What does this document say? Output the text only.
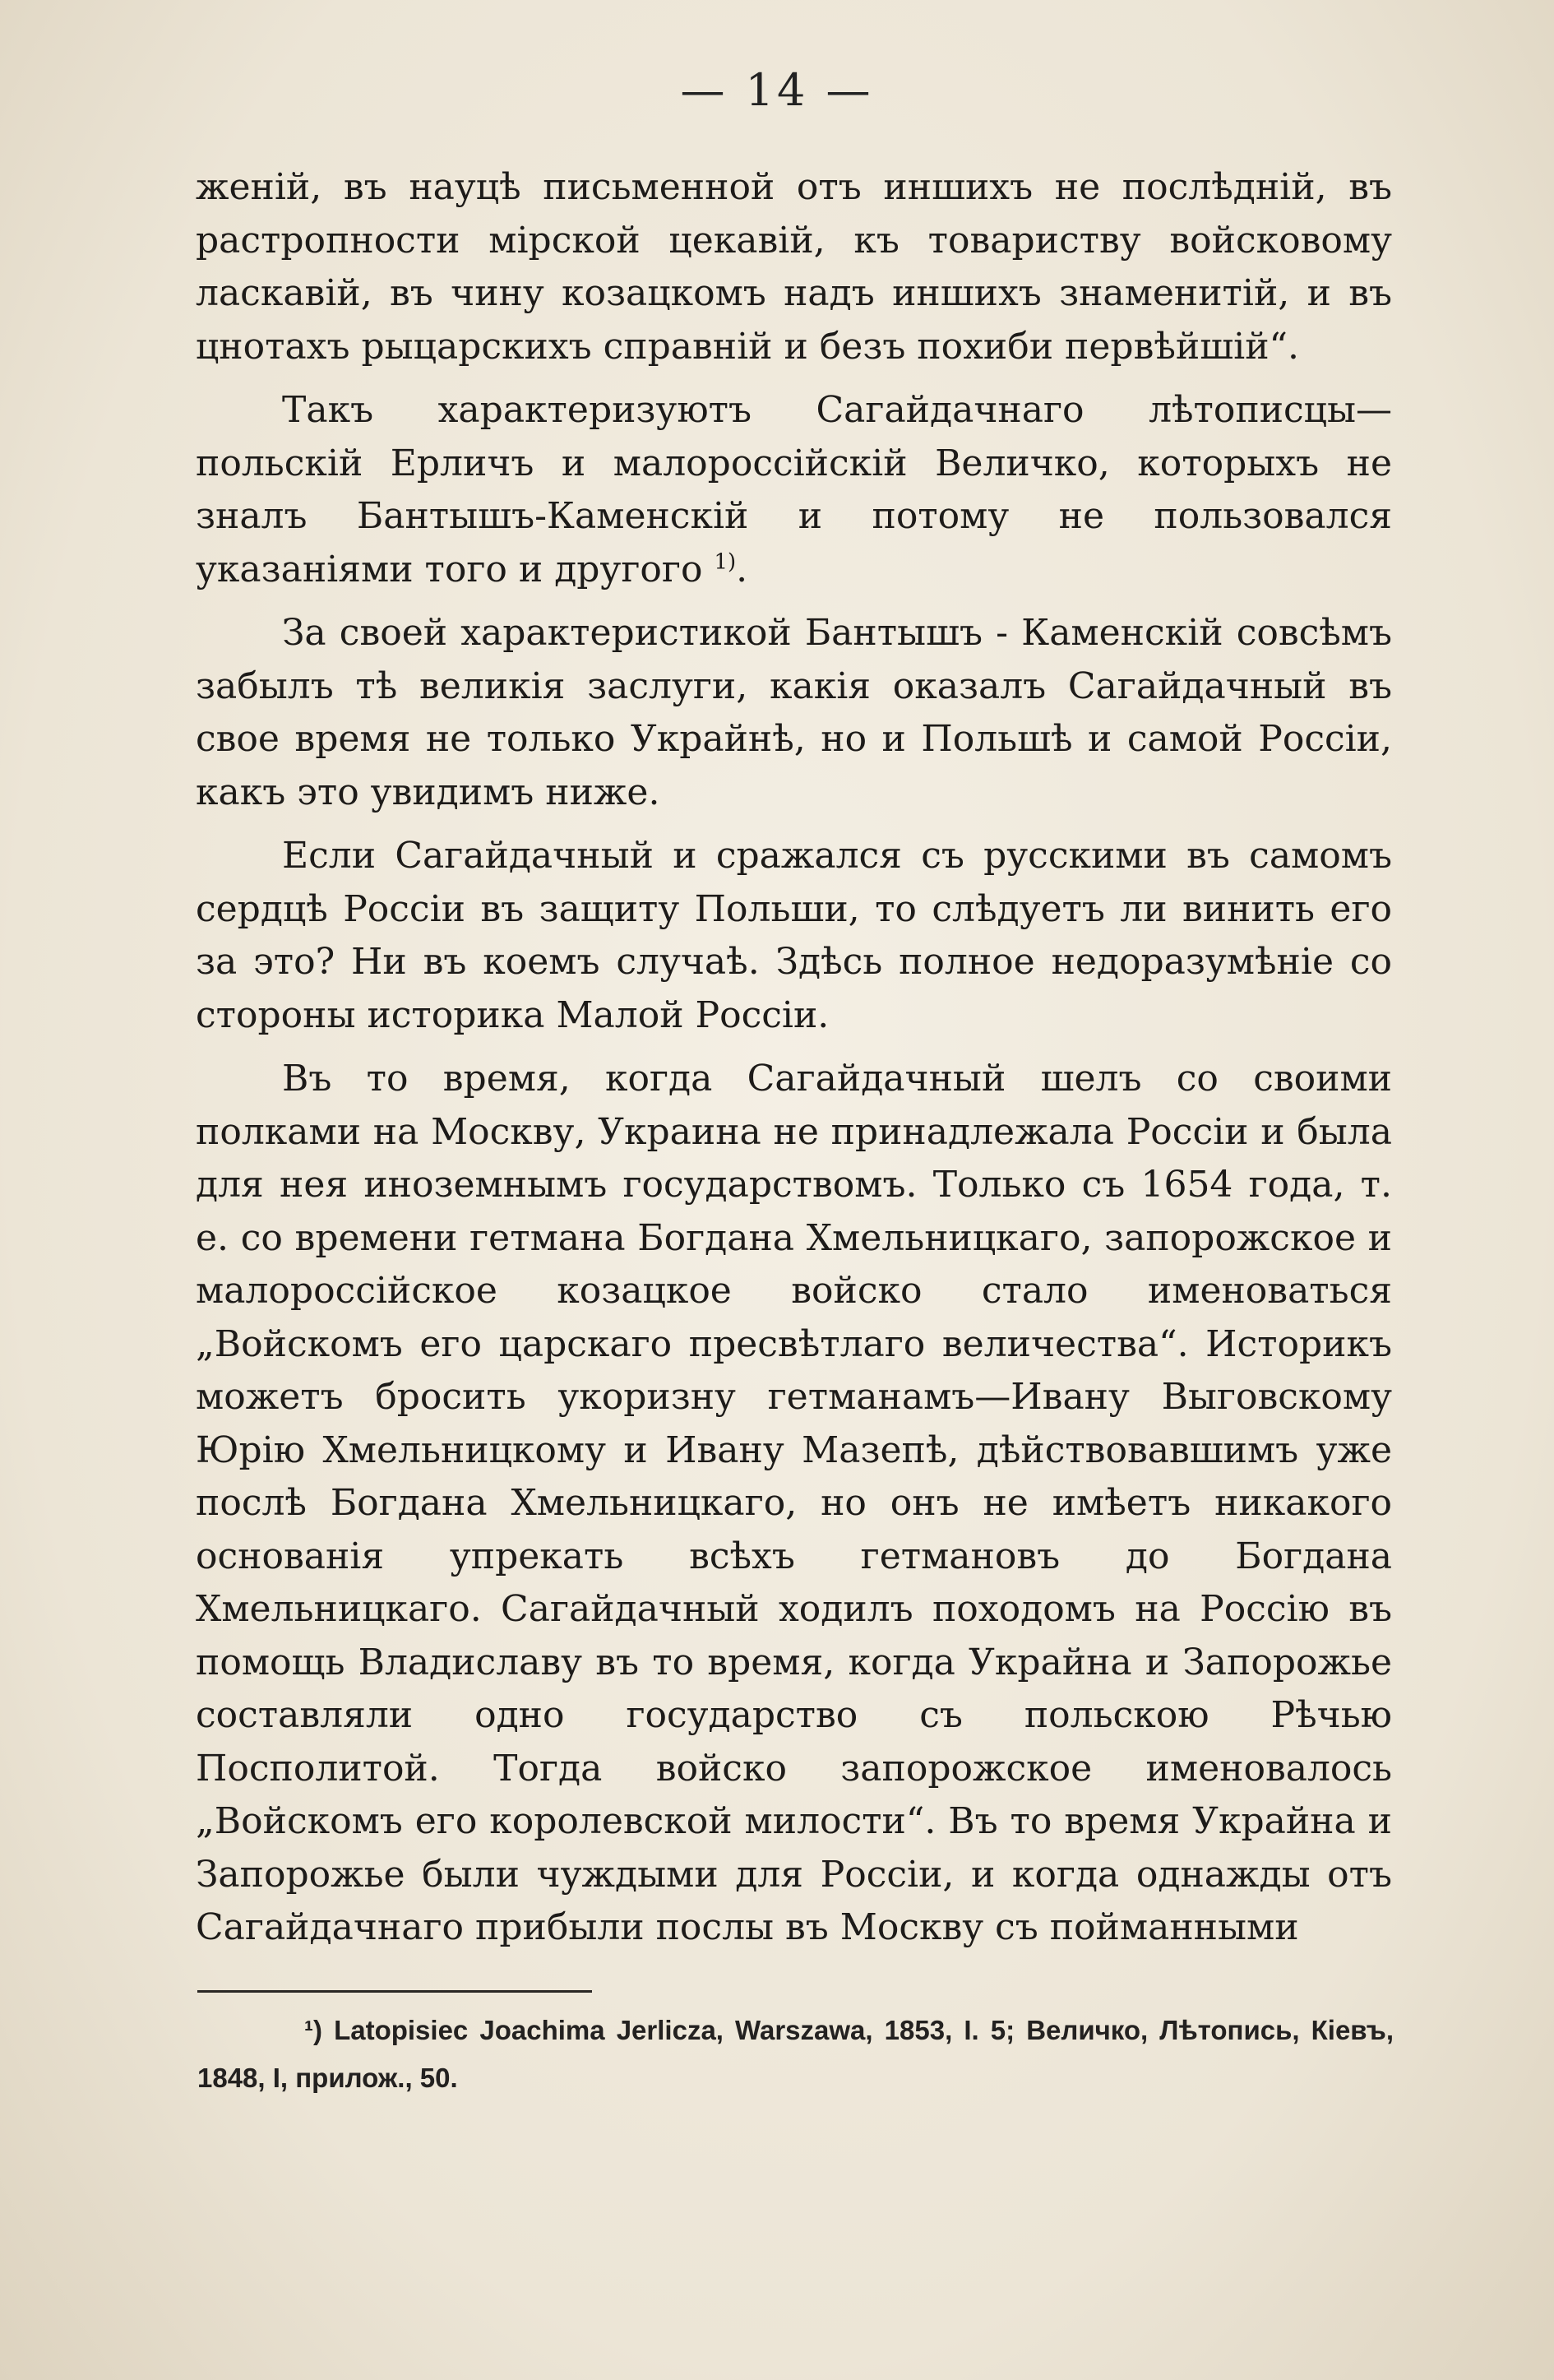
— 14 —

женій, въ науцѣ письменной отъ иншихъ не послѣдній, въ растропности мірской цекавій, къ товариству войсковому ласкавій, въ чину козацкомъ надъ иншихъ знаменитій, и въ цнотахъ рыцарскихъ справній и безъ похиби первѣйшій“.

Такъ характеризуютъ Сагайдачнаго лѣтописцы—польскій Ерличъ и малороссійскій Величко, которыхъ не зналъ Бантышъ-Каменскій и потому не пользовался указаніями того и другого $^{1)}$.

За своей характеристикой Бантышъ - Каменскій совсѣмъ забылъ тѣ великія заслуги, какія оказалъ Сагайдачный въ свое время не только Украйнѣ, но и Польшѣ и самой Россіи, какъ это увидимъ ниже.

Если Сагайдачный и сражался съ русскими въ самомъ сердцѣ Россіи въ защиту Польши, то слѣдуетъ ли винить его за это? Ни въ коемъ случаѣ. Здѣсь полное недоразумѣніе со стороны историка Малой Россіи.

Въ то время, когда Сагайдачный шелъ со своими полками на Москву, Украина не принадлежала Россіи и была для нея иноземнымъ государствомъ. Только съ 1654 года, т. е. со времени гетмана Богдана Хмельницкаго, запорожское и малороссійское козацкое войско стало именоваться „Войскомъ его царскаго пресвѣтлаго величества“. Историкъ можетъ бросить укоризну гетманамъ—Ивану Выговскому Юрію Хмельницкому и Ивану Мазепѣ, дѣйствовавшимъ уже послѣ Богдана Хмельницкаго, но онъ не имѣетъ никакого основанія упрекать всѣхъ гетмановъ до Богдана Хмельницкаго. Сагайдачный ходилъ походомъ на Россію въ помощь Владиславу въ то время, когда Украйна и Запорожье составляли одно государство съ польскою Рѣчью Посполитой. Тогда войско запорожское именовалось „Войскомъ его королевской милости“. Въ то время Украйна и Запорожье были чуждыми для Россіи, и когда однажды отъ Сагайдачнаго прибыли послы въ Москву съ пойманными

¹) Latopisiec Joachima Jerlicza, Warszawa, 1853, I. 5; Величко, Лѣтопись, Кіевъ, 1848, I, прилож., 50.
